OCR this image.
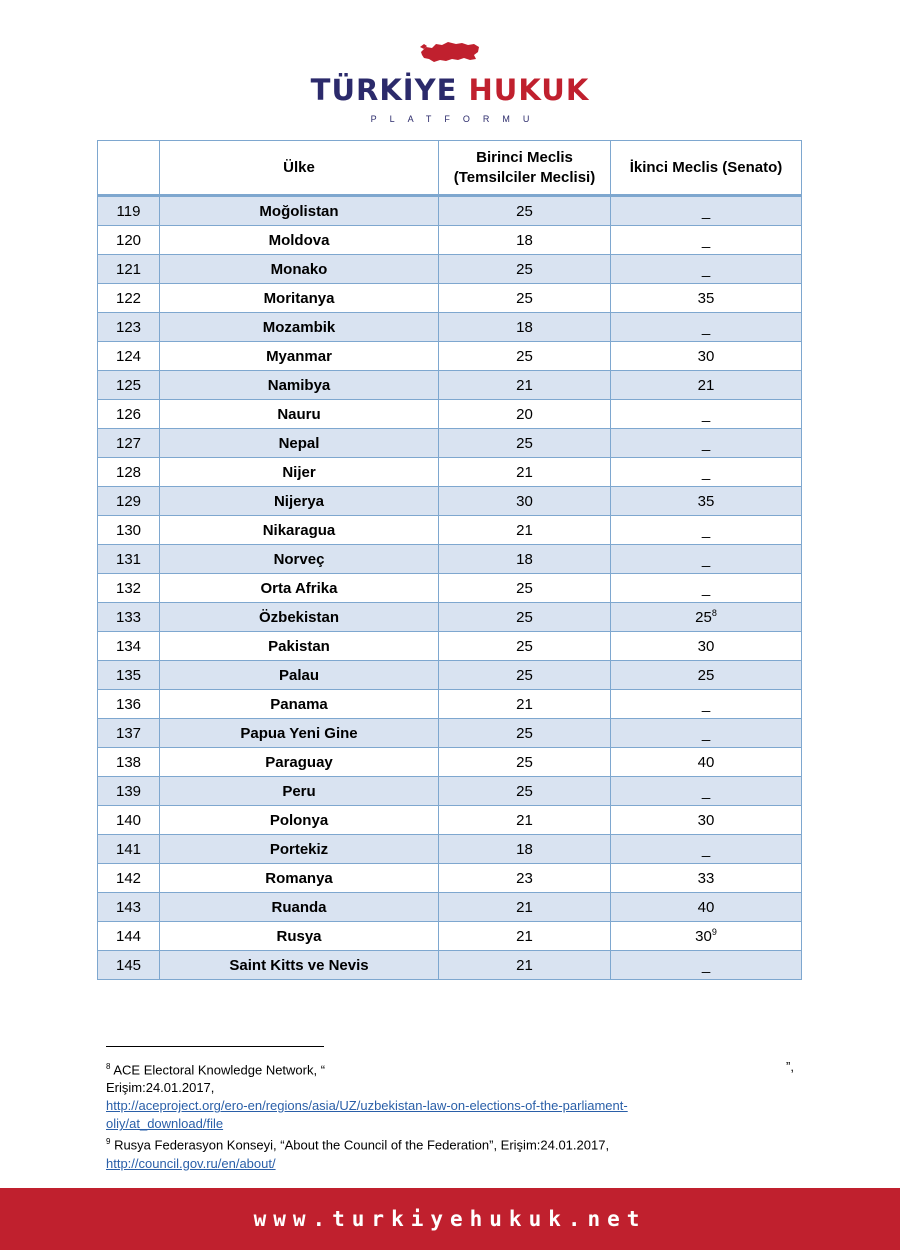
TÜRKİYE HUKUK
PLATFORMU
	Ülke	Birinci Meclis (Temsilciler Meclisi)	İkinci Meclis (Senato)
119	Moğolistan	25	_
120	Moldova	18	_
121	Monako	25	_
122	Moritanya	25	35
123	Mozambik	18	_
124	Myanmar	25	30
125	Namibya	21	21
126	Nauru	20	_
127	Nepal	25	_
128	Nijer	21	_
129	Nijerya	30	35
130	Nikaragua	21	_
131	Norveç	18	_
132	Orta Afrika	25	_
133	Özbekistan	25	$25^8$
134	Pakistan	25	30
135	Palau	25	25
136	Panama	21	_
137	Papua Yeni Gine	25	_
138	Paraguay	25	40
139	Peru	25	_
140	Polonya	21	30
141	Portekiz	18	_
142	Romanya	23	33
143	Ruanda	21	40
144	Rusya	21	$30^9$
145	Saint Kitts ve Nevis	21	_
$^8$ ACE Electoral Knowledge Network, “	”,
Erişim:24.01.2017,
http://aceproject.org/ero-en/regions/asia/UZ/uzbekistan-law-on-elections-of-the-parliament-
oliy/at_download/file
$^9$ Rusya Federasyon Konseyi, “About the Council of the Federation”, Erişim:24.01.2017,
http://council.gov.ru/en/about/
www.turkiyehukuk.net
